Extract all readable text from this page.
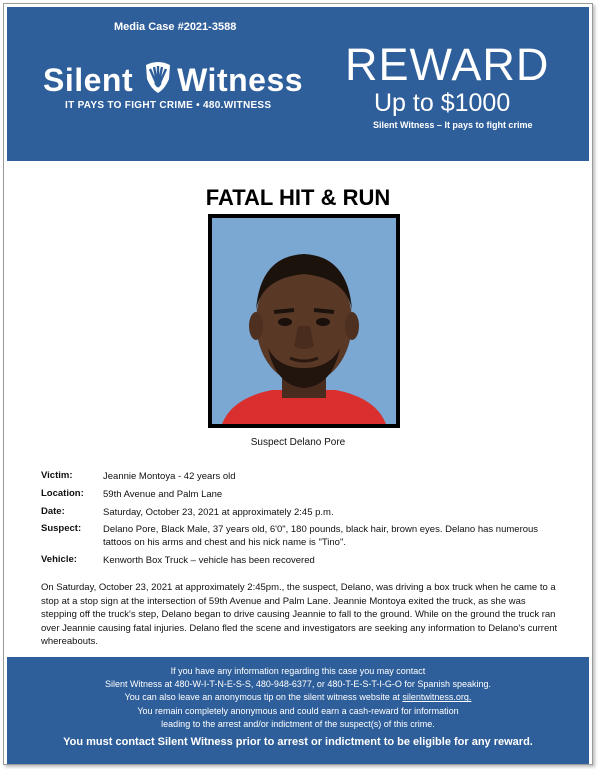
Media Case #2021-3588
Silent Witness
IT PAYS TO FIGHT CRIME • 480.WITNESS
REWARD
Up to $1000
Silent Witness – It pays to fight crime
FATAL HIT & RUN
Suspect Delano Pore
Victim:	Jeannie Montoya - 42 years old
Location:	59th Avenue and Palm Lane
Date:	Saturday, October 23, 2021 at approximately 2:45 p.m.
Suspect:	Delano Pore, Black Male, 37 years old, 6'0", 180 pounds, black hair, brown eyes. Delano has numerous tattoos on his arms and chest and his nick name is "Tino".
Vehicle:	Kenworth Box Truck – vehicle has been recovered
On Saturday, October 23, 2021 at approximately 2:45pm., the suspect, Delano, was driving a box truck when he came to a stop at a stop sign at the intersection of 59th Avenue and Palm Lane. Jeannie Montoya exited the truck, as she was stepping off the truck's step, Delano began to drive causing Jeannie to fall to the ground. While on the ground the truck ran over Jeannie causing fatal injuries. Delano fled the scene and investigators are seeking any information to Delano's current whereabouts.
If you have any information regarding this case you may contact
Silent Witness at 480-W-I-T-N-E-S-S, 480-948-6377, or 480-T-E-S-T-I-G-O for Spanish speaking.
You can also leave an anonymous tip on the silent witness website at silentwitness.org.
You remain completely anonymous and could earn a cash-reward for information
leading to the arrest and/or indictment of the suspect(s) of this crime.
You must contact Silent Witness prior to arrest or indictment to be eligible for any reward.
